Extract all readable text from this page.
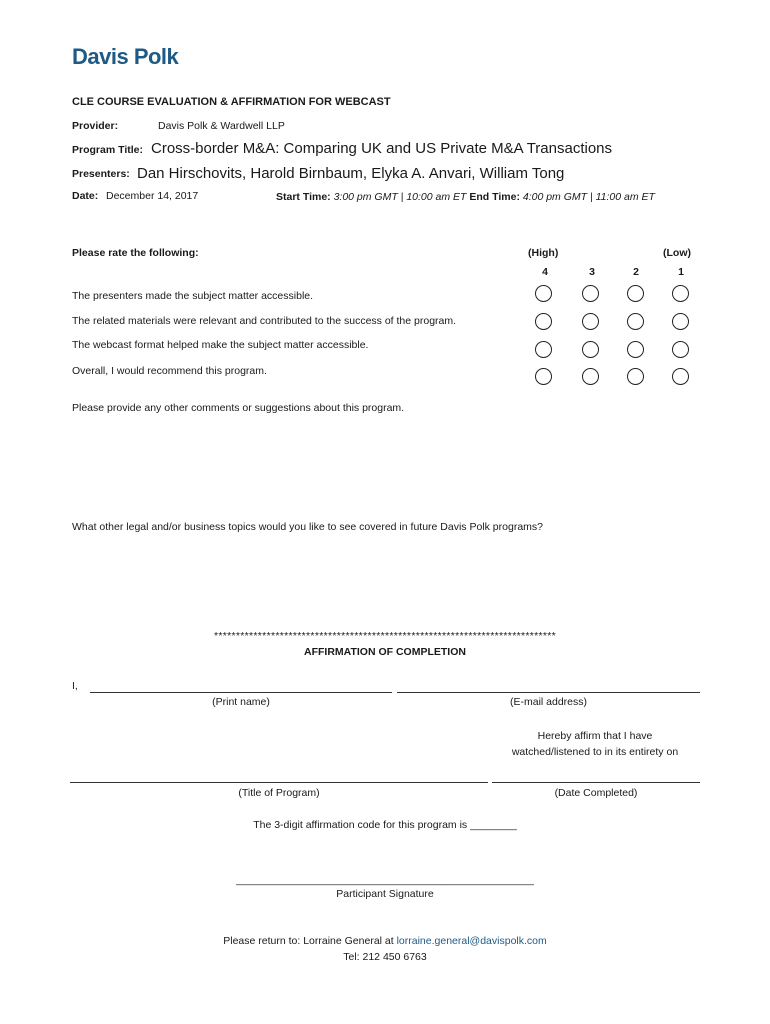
Davis Polk
CLE COURSE EVALUATION & AFFIRMATION FOR WEBCAST
Provider:	Davis Polk & Wardwell LLP
Program Title: Cross-border M&A: Comparing UK and US Private M&A Transactions
Presenters: Dan Hirschovits, Harold Birnbaum, Elyka A. Anvari, William Tong
Date: December 14, 2017	Start Time: 3:00 pm GMT | 10:00 am ET End Time: 4:00 pm GMT | 11:00 am ET
Please rate the following:	(High)	(Low)
4	3	2	1
The presenters made the subject matter accessible.
The related materials were relevant and contributed to the success of the program.
The webcast format helped make the subject matter accessible.
Overall, I would recommend this program.
Please provide any other comments or suggestions about this program.
What other legal and/or business topics would you like to see covered in future Davis Polk programs?
******************************************************************************
AFFIRMATION OF COMPLETION
I,
(Print name)	(E-mail address)
Hereby affirm that I have
watched/listened to in its entirety on
(Title of Program)	(Date Completed)
The 3-digit affirmation code for this program is ________
___________________________________________________
Participant Signature
Please return to: Lorraine General at lorraine.general@davispolk.com
Tel: 212 450 6763
